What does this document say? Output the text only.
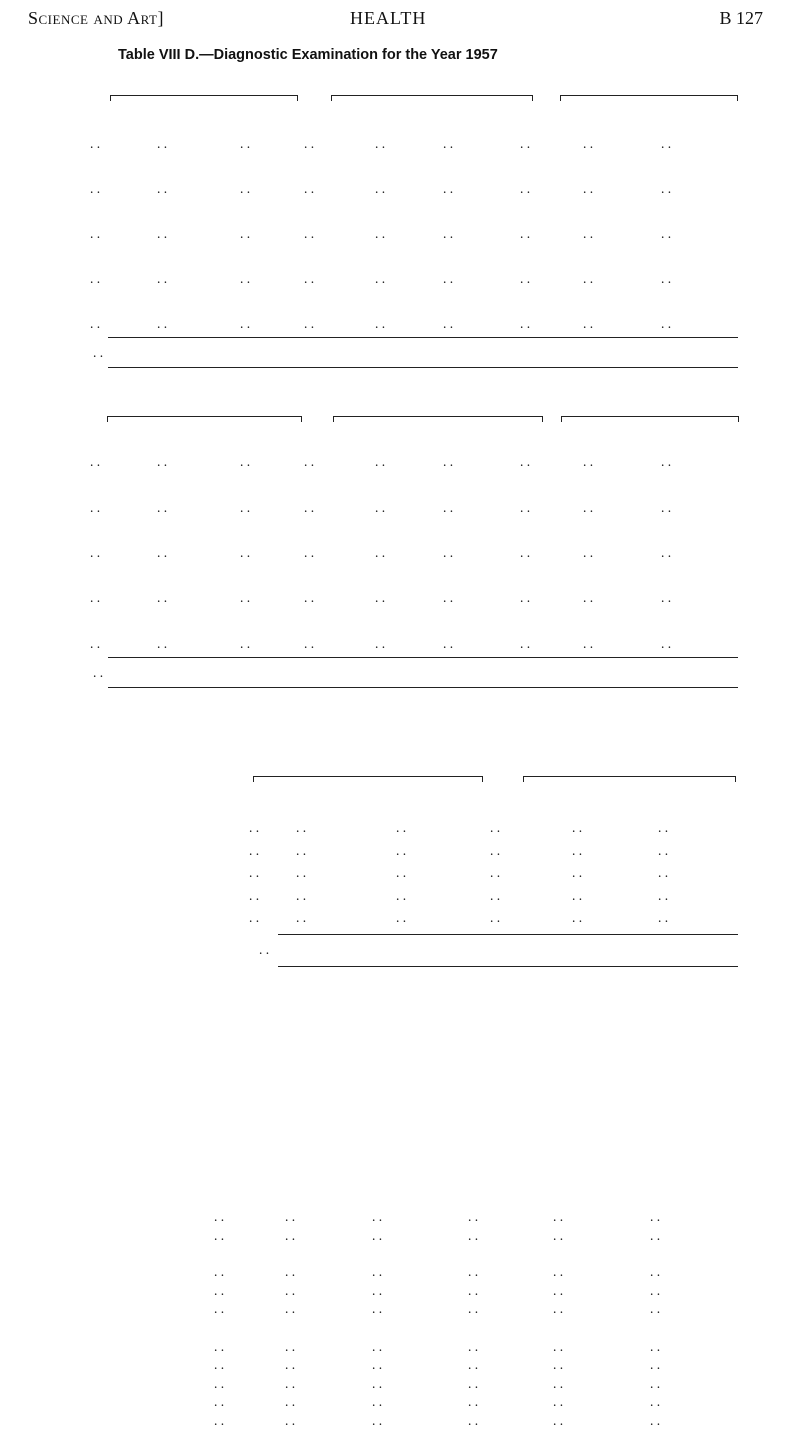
Science and Art]	HEALTH	B 127
Table VIII D.—Diagnostic Examination for the Year 1957
. .	. .	. .	. .	. .	. .	. .	. .	. .
. .	. .	. .	. .	. .	. .	. .	. .	. .
. .	. .	. .	. .	. .	. .	. .	. .	. .
. .	. .	. .	. .	. .	. .	. .	. .	. .
. .	. .	. .	. .	. .	. .	. .	. .	. .
. .
. .	. .	. .	. .	. .	. .	. .	. .	. .
. .	. .	. .	. .	. .	. .	. .	. .	. .
. .	. .	. .	. .	. .	. .	. .	. .	. .
. .	. .	. .	. .	. .	. .	. .	. .	. .
. .	. .	. .	. .	. .	. .	. .	. .	. .
. .
. .	. .	. .	. .	. .	. .
. .	. .	. .	. .	. .	. .
. .	. .	. .	. .	. .	. .
. .	. .	. .	. .	. .	. .
. .	. .	. .	. .	. .	. .
. .
. .	. .	. .	. .	. .	. .
. .	. .	. .	. .	. .	. .
. .	. .	. .	. .	. .	. .
. .	. .	. .	. .	. .	. .
. .	. .	. .	. .	. .	. .
. .	. .	. .	. .	. .	. .
. .	. .	. .	. .	. .	. .
. .	. .	. .	. .	. .	. .
. .	. .	. .	. .	. .	. .
. .	. .	. .	. .	. .	. .
